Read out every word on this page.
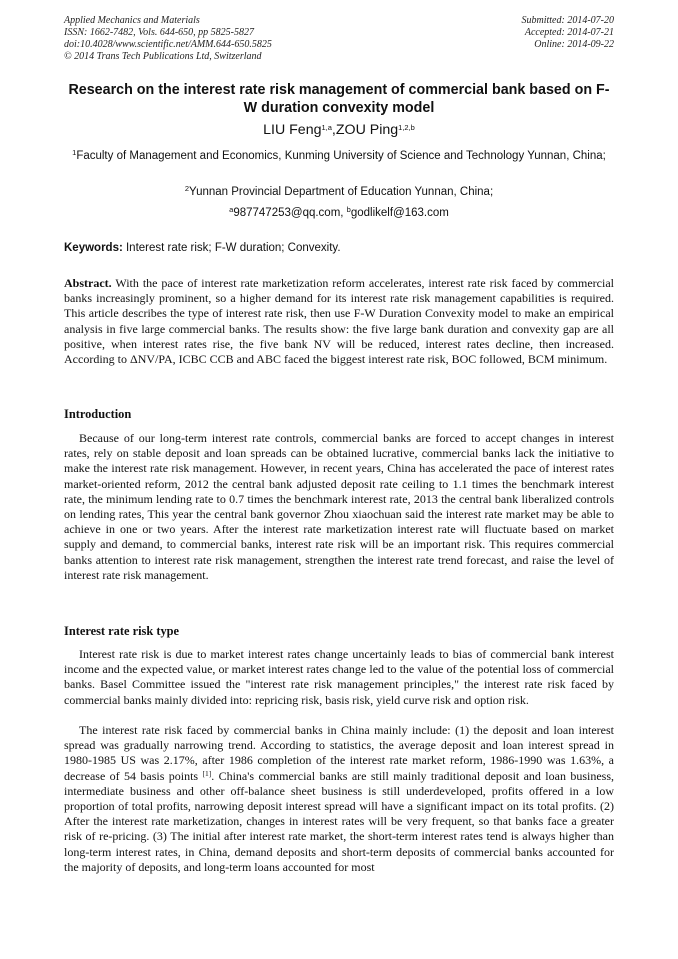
Applied Mechanics and Materials
ISSN: 1662-7482, Vols. 644-650, pp 5825-5827
doi:10.4028/www.scientific.net/AMM.644-650.5825
© 2014 Trans Tech Publications Ltd, Switzerland
Submitted: 2014-07-20
Accepted: 2014-07-21
Online: 2014-09-22
Research on the interest rate risk management of commercial bank based on F-W duration convexity model
LIU Feng$^{1,a}$,ZOU Ping$^{1,2,b}$
$^1$Faculty of Management and Economics, Kunming University of Science and Technology Yunnan, China;
$^2$Yunnan Provincial Department of Education Yunnan, China;
$^a$987747253@qq.com, $^b$godlikelf@163.com
Keywords: Interest rate risk; F-W duration; Convexity.
Abstract. With the pace of interest rate marketization reform accelerates, interest rate risk faced by commercial banks increasingly prominent, so a higher demand for its interest rate risk management capabilities is required. This article describes the type of interest rate risk, then use F-W Duration Convexity model to make an empirical analysis in five large commercial banks. The results show: the five large bank duration and convexity gap are all positive, when interest rates rise, the five bank NV will be reduced, interest rates decline, then increased. According to ΔNV/PA, ICBC CCB and ABC faced the biggest interest rate risk, BOC followed, BCM minimum.
Introduction
Because of our long-term interest rate controls, commercial banks are forced to accept changes in interest rates, rely on stable deposit and loan spreads can be obtained lucrative, commercial banks lack the initiative to make the interest rate risk management. However, in recent years, China has accelerated the pace of interest rates market-oriented reform, 2012 the central bank adjusted deposit rate ceiling to 1.1 times the benchmark interest rate, the minimum lending rate to 0.7 times the benchmark interest rate, 2013 the central bank liberalized controls on lending rates, This year the central bank governor Zhou xiaochuan said the interest rate market may be able to achieve in one or two years. After the interest rate marketization interest rate will fluctuate based on market supply and demand, to commercial banks, interest rate risk will be an important risk. This requires commercial banks attention to interest rate risk management, strengthen the interest rate trend forecast, and raise the level of interest rate risk management.
Interest rate risk type
Interest rate risk is due to market interest rates change uncertainly leads to bias of commercial bank interest income and the expected value, or market interest rates change led to the value of the potential loss of commercial banks. Basel Committee issued the "interest rate risk management principles," the interest rate risk faced by commercial banks mainly divided into: repricing risk, basis risk, yield curve risk and option risk.
The interest rate risk faced by commercial banks in China mainly include: (1) the deposit and loan interest spread was gradually narrowing trend. According to statistics, the average deposit and loan interest spread in 1980-1985 US was 2.17%, after 1986 completion of the interest rate market reform, 1986-1990 was 1.63%, a decrease of 54 basis points [1]. China's commercial banks are still mainly traditional deposit and loan business, intermediate business and other off-balance sheet business is still underdeveloped, profits offered in a low proportion of total profits, narrowing deposit interest spread will have a significant impact on its total profits. (2) After the interest rate marketization, changes in interest rates will be very frequent, so that banks face a greater risk of re-pricing. (3) The initial after interest rate market, the short-term interest rates tend is always higher than long-term interest rates, in China, demand deposits and short-term deposits of commercial banks accounted for the majority of deposits, and long-term loans accounted for most
